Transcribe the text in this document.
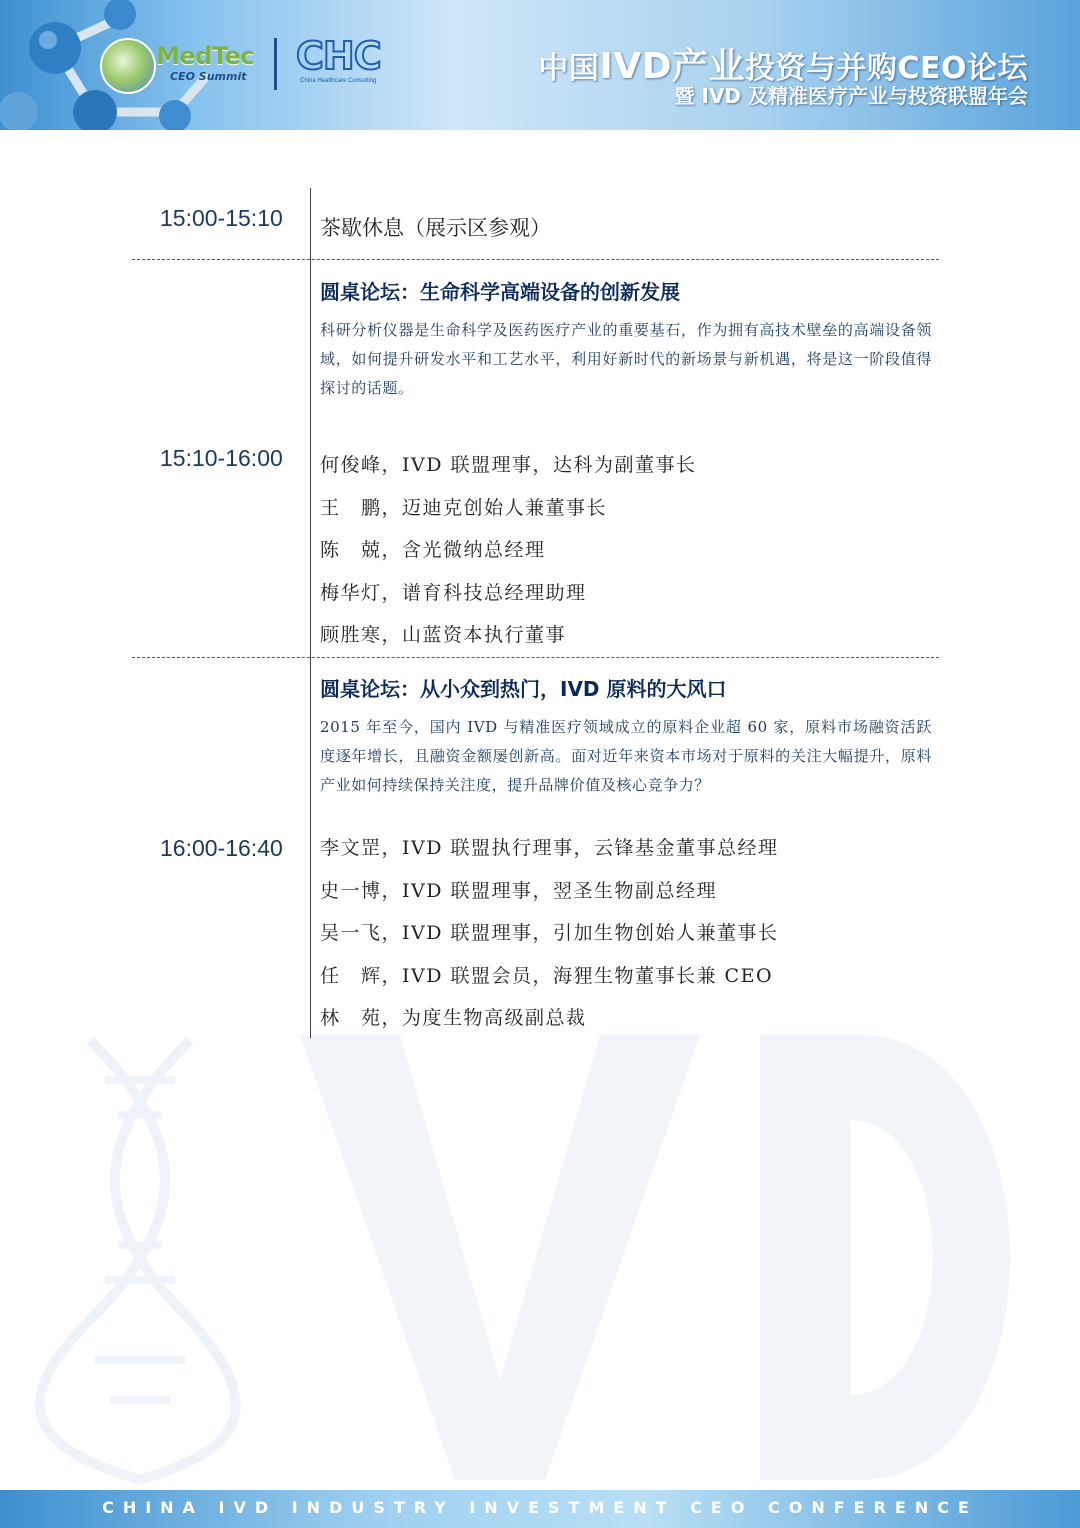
MedTec
CEO Summit CHC
China Healthcare Consulting	中国IVD产业投资与并购CEO论坛
暨 IVD 及精准医疗产业与投资联盟年会
15:00-15:10 茶歇休息（展示区参观）
圆桌论坛：生命科学高端设备的创新发展
科研分析仪器是生命科学及医药医疗产业的重要基石，作为拥有高技术壁垒的高端设备领域，如何提升研发水平和工艺水平，利用好新时代的新场景与新机遇，将是这一阶段值得探讨的话题。
15:10-16:00 何俊峰，IVD 联盟理事，达科为副董事长
王　鹏，迈迪克创始人兼董事长
陈　兢，含光微纳总经理
梅华灯，谱育科技总经理助理
顾胜寒，山蓝资本执行董事
圆桌论坛：从小众到热门，IVD 原料的大风口
2015 年至今，国内 IVD 与精准医疗领域成立的原料企业超 60 家，原料市场融资活跃度逐年增长，且融资金额屡创新高。面对近年来资本市场对于原料的关注大幅提升，原料产业如何持续保持关注度，提升品牌价值及核心竞争力？
16:00-16:40 李文罡，IVD 联盟执行理事，云锋基金董事总经理
史一博，IVD 联盟理事，翌圣生物副总经理
吴一飞，IVD 联盟理事，引加生物创始人兼董事长
任　辉，IVD 联盟会员，海狸生物董事长兼 CEO
林　苑，为度生物高级副总裁
CHINA IVD INDUSTRY INVESTMENT CEO CONFERENCE
